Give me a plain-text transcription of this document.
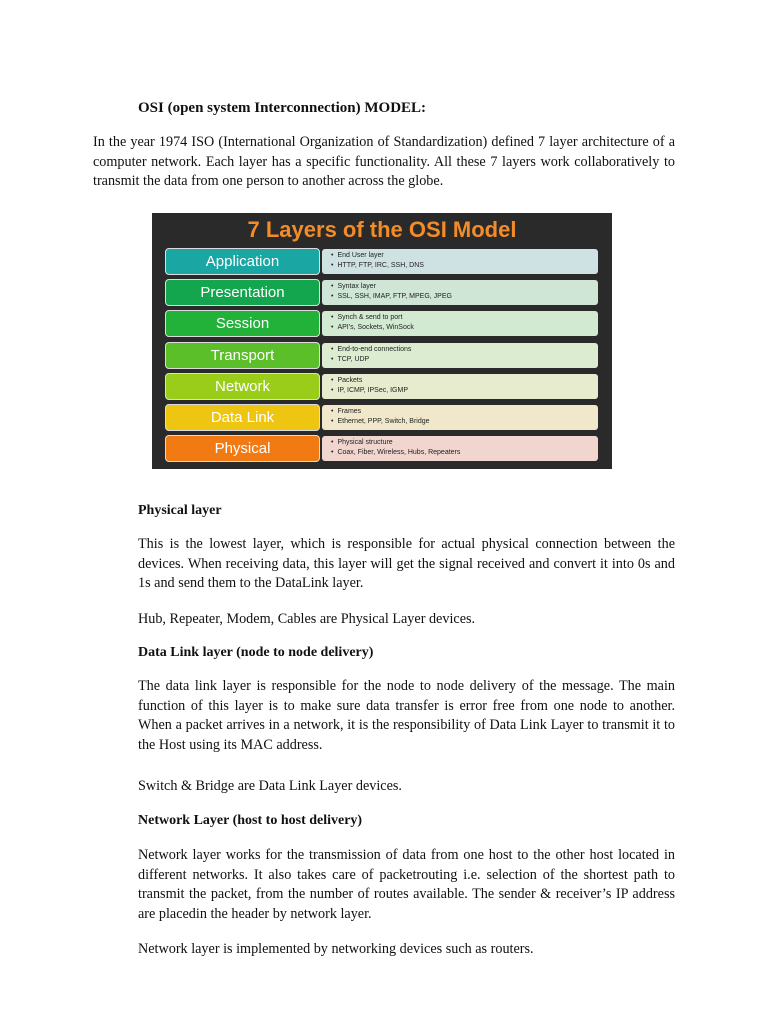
OSI (open system Interconnection) MODEL:

In the year 1974 ISO (International Organization of Standardization) defined 7 layer architecture of a computer network. Each layer has a specific functionality. All these 7 layers work collaboratively to transmit the data from one person to another across the globe.

7 Layers of the OSI Model

Application	• End User layer
• HTTP, FTP, IRC, SSH, DNS
Presentation	• Syntax layer
• SSL, SSH, IMAP, FTP, MPEG, JPEG
Session	• Synch & send to port
• API's, Sockets, WinSock
Transport	• End-to-end connections
• TCP, UDP
Network	• Packets
• IP, ICMP, IPSec, IGMP
Data Link	• Frames
• Ethernet, PPP, Switch, Bridge
Physical	• Physical structure
• Coax, Fiber, Wireless, Hubs, Repeaters
Physical layer

This is the lowest layer, which is responsible for actual physical connection between the devices. When receiving data, this layer will get the signal received and convert it into 0s and 1s and send them to the DataLink layer.

Hub, Repeater, Modem, Cables are Physical Layer devices.

Data Link layer (node to node delivery)

The data link layer is responsible for the node to node delivery of the message. The main function of this layer is to make sure data transfer is error free from one node to another. When a packet arrives in a network, it is the responsibility of Data Link Layer to transmit it to the Host using its MAC address.

Switch & Bridge are Data Link Layer devices.

Network Layer (host to host delivery)

Network layer works for the transmission of data from one host to the other host located in different networks. It also takes care of packetrouting i.e. selection of the shortest path to transmit the packet, from the number of routes available. The sender & receiver’s IP address are placedin the header by network layer.

Network layer is implemented by networking devices such as routers.
